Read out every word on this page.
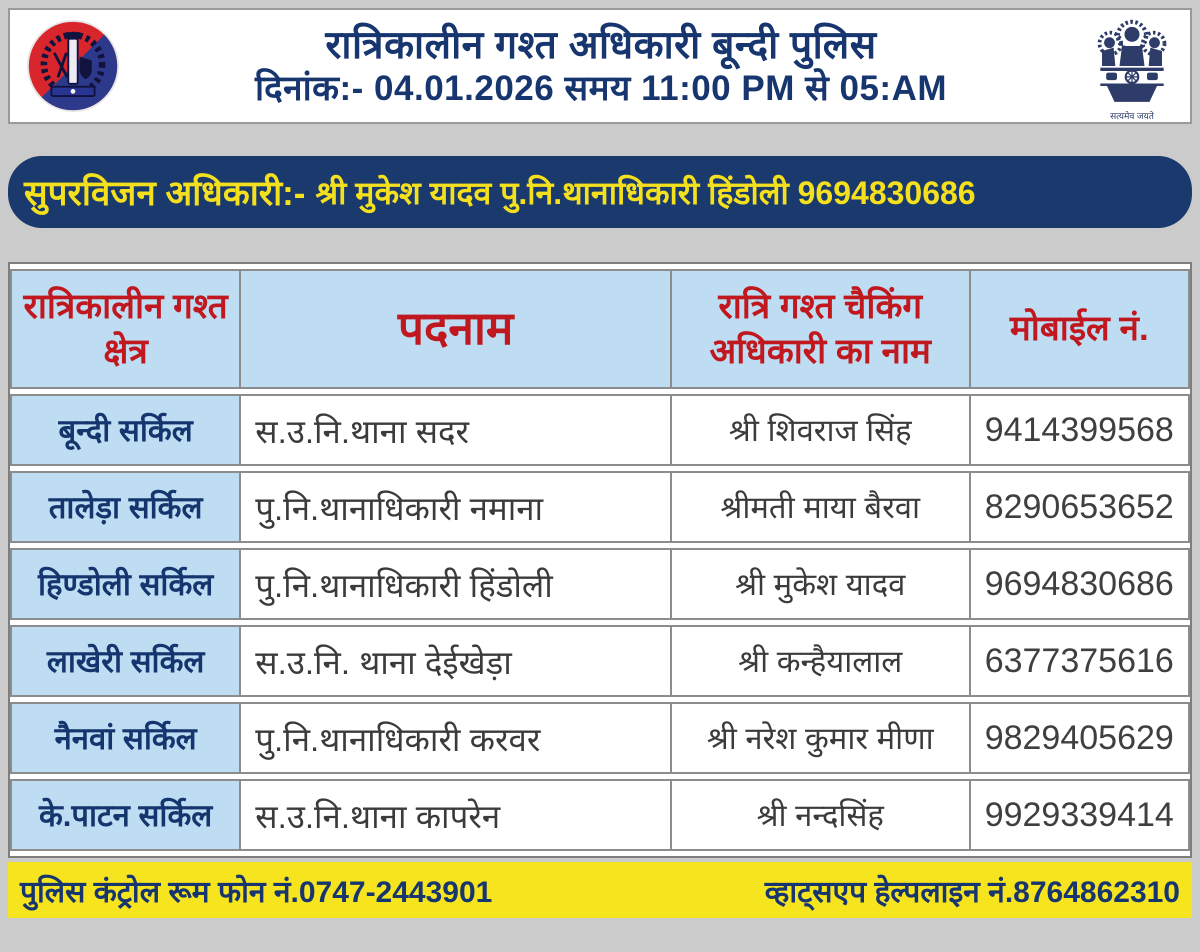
रात्रिकालीन गश्त अधिकारी बून्दी पुलिस
दिनांक:- 04.01.2026 समय 11:00 PM से 05:AM
सत्यमेव जयते
सुपरविजन अधिकारी:- श्री मुकेश यादव पु.नि.थानाधिकारी हिंडोली 9694830686
रात्रिकालीन गश्त क्षेत्र	पदनाम	रात्रि गश्त चैकिंग अधिकारी का नाम	मोबाईल नं.
बून्दी सर्किल	स.उ.नि.थाना सदर	श्री शिवराज सिंह	9414399568
तालेड़ा सर्किल	पु.नि.थानाधिकारी नमाना	श्रीमती माया बैरवा	8290653652
हिण्डोली सर्किल	पु.नि.थानाधिकारी हिंडोली	श्री मुकेश यादव	9694830686
लाखेरी सर्किल	स.उ.नि. थाना देईखेड़ा	श्री कन्हैयालाल	6377375616
नैनवां सर्किल	पु.नि.थानाधिकारी करवर	श्री नरेश कुमार मीणा	9829405629
के.पाटन सर्किल	स.उ.नि.थाना कापरेन	श्री नन्दसिंह	9929339414
पुलिस कंट्रोल रूम फोन नं.0747-2443901	व्हाट्सएप हेल्पलाइन नं.8764862310
